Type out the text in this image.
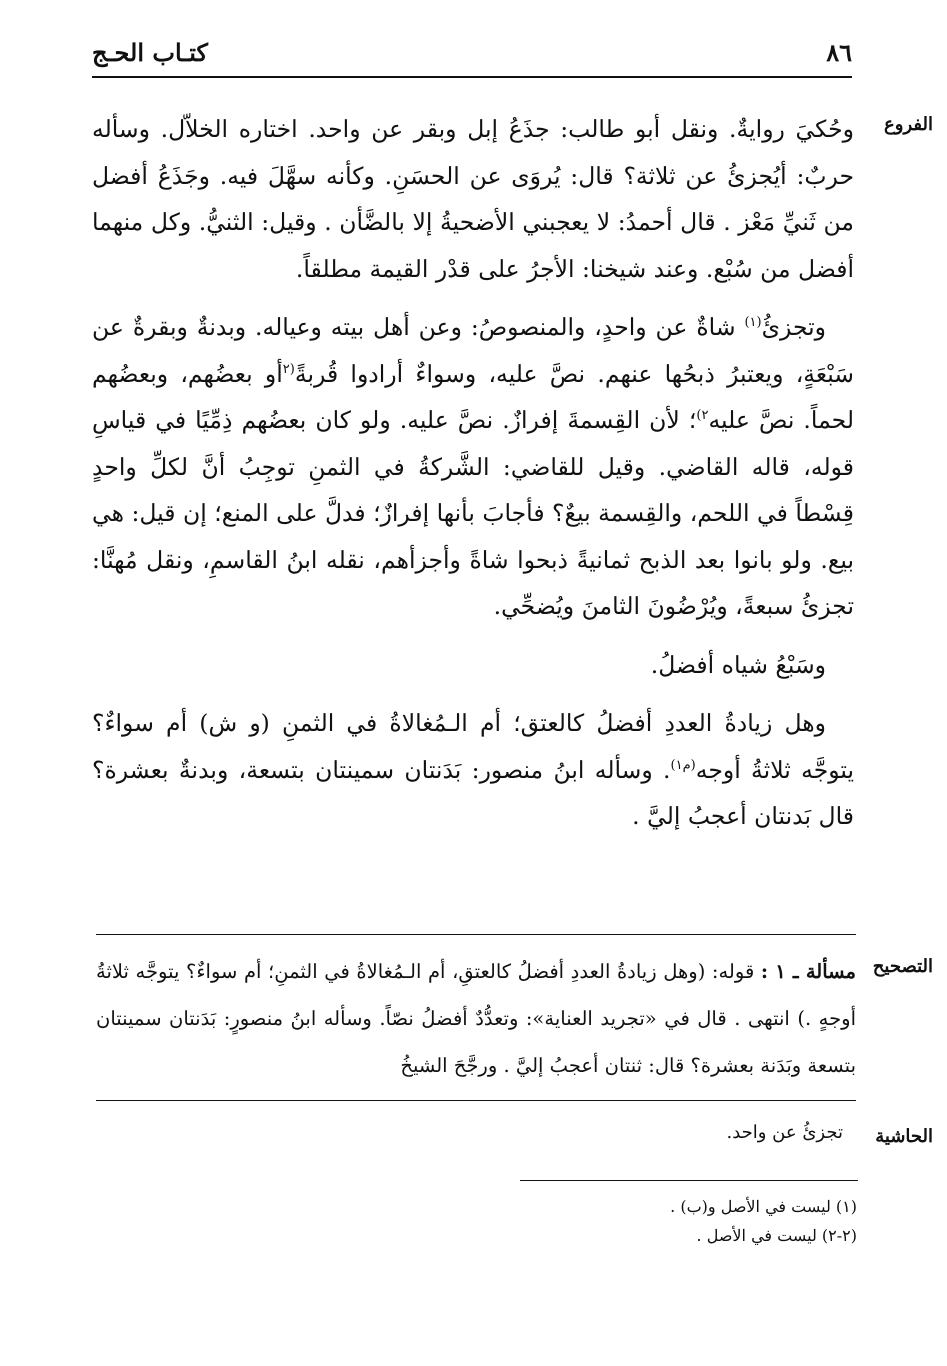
٨٦
كتـاب الحـج
الفروع
التصحيح
الحاشية

وحُكيَ روايةٌ. ونقل أبو طالب: جذَعُ إبل وبقر عن واحد. اختاره الخلاّل. وسأله حربٌ: أيُجزئُ عن ثلاثة؟ قال: يُروَى عن الحسَنِ. وكأنه سهَّلَ فيه. وجَذَعُ أفضل من ثَنيِّ مَعْز . قال أحمدُ: لا يعجبني الأضحيةُ إلا بالضَّأن . وقيل: الثنيُّ. وكل منهما أفضل من سُبْع. وعند شيخنا: الأجرُ على قدْر القيمة مطلقاً.

وتجزئُ$^{(١)}$ شاةٌ عن واحدٍ، والمنصوصُ: وعن أهل بيته وعياله. وبدنةٌ وبقرةٌ عن سَبْعَةٍ، ويعتبرُ ذبحُها عنهم. نصَّ عليه، وسواءٌ أرادوا قُربةً$^{(٢}$أو بعضُهم، وبعضُهم لحماً. نصَّ عليه$^{٢)}$؛ لأن القِسمةَ إفرازٌ. نصَّ عليه. ولو كان بعضُهم ذِمِّيًا في قياسِ قوله، قاله القاضي. وقيل للقاضي: الشَّركةُ في الثمنِ توجِبُ أنَّ لكلِّ واحدٍ قِسْطاً في اللحم، والقِسمة بيعٌ؟ فأجابَ بأنها إفرازٌ؛ فدلَّ على المنع؛ إن قيل: هي بيع. ولو بانوا بعد الذبح ثمانيةً ذبحوا شاةً وأجزأهم، نقله ابنُ القاسمِ، ونقل مُهنَّا: تجزئُ سبعةً، ويُرْضُونَ الثامنَ ويُضحِّي.

وسَبْعُ شياه أفضلُ.

وهل زيادةُ العددِ أفضلُ كالعتق؛ أم الـمُغالاةُ في الثمنِ (و ش) أم سواءٌ؟ يتوجَّه ثلاثةُ أوجه$^{(م١)}$. وسأله ابنُ منصور: بَدَنتان سمينتان بتسعة، وبدنةٌ بعشرة؟ قال بَدنتان أعجبُ إليَّ .

مسألة ـ ١ : قوله: (وهل زيادةُ العددِ أفضلُ كالعتقِ، أم الـمُغالاةُ في الثمنِ؛ أم سواءٌ؟ يتوجَّه ثلاثةُ أوجهٍ .) انتهى . قال في «تجريد العناية»: وتعدُّدٌ أفضلُ نصّاً. وسأله ابنُ منصورٍ: بَدَنتان سمينتان بتسعة وبَدَنة بعشرة؟ قال: ثنتان أعجبُ إليَّ . ورجَّحَ الشيخُ
تجزئُ عن واحد.
(١) ليست في الأصل و(ب) .
(٢-٢) ليست في الأصل .
